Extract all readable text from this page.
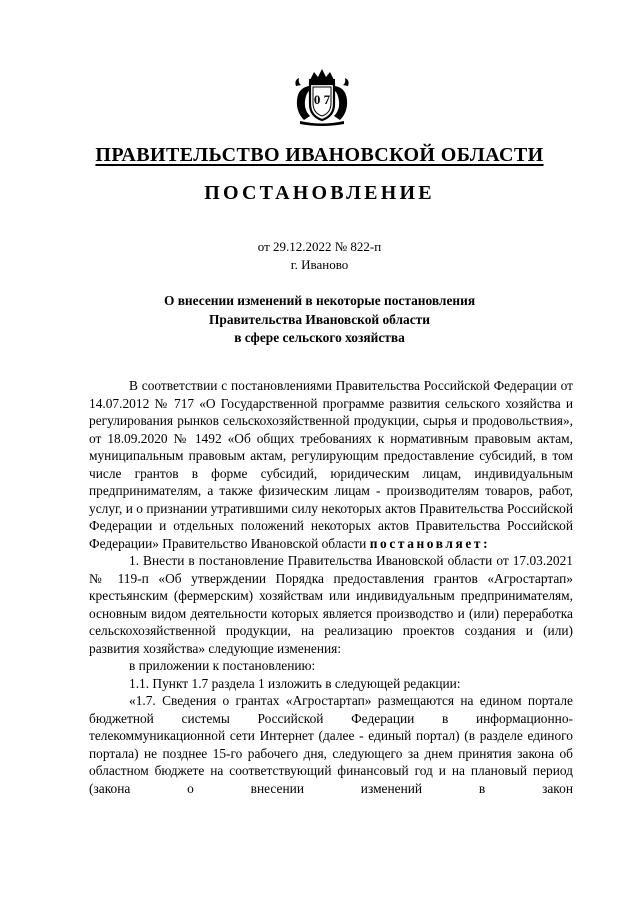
0 7
ПРАВИТЕЛЬСТВО ИВАНОВСКОЙ ОБЛАСТИ
ПОСТАНОВЛЕНИЕ
от 29.12.2022 № 822-п
г. Иваново
О внесении изменений в некоторые постановления
Правительства Ивановской области
в сфере сельского хозяйства

В соответствии с постановлениями Правительства Российской Федерации от 14.07.2012 № 717 «О Государственной программе развития сельского хозяйства и регулирования рынков сельскохозяйственной продукции, сырья и продовольствия», от 18.09.2020 № 1492 «Об общих требованиях к нормативным правовым актам, муниципальным правовым актам, регулирующим предоставление субсидий, в том числе грантов в форме субсидий, юридическим лицам, индивидуальным предпринимателям, а также физическим лицам - производителям товаров, работ, услуг, и о признании утратившими силу некоторых актов Правительства Российской Федерации и отдельных положений некоторых актов Правительства Российской Федерации» Правительство Ивановской области постановляет:

1. Внести в постановление Правительства Ивановской области от 17.03.2021 № 119-п «Об утверждении Порядка предоставления грантов «Агростартап» крестьянским (фермерским) хозяйствам или индивидуальным предпринимателям, основным видом деятельности которых является производство и (или) переработка сельскохозяйственной продукции, на реализацию проектов создания и (или) развития хозяйства» следующие изменения:

в приложении к постановлению:

1.1. Пункт 1.7 раздела 1 изложить в следующей редакции:

«1.7. Сведения о грантах «Агростартап» размещаются на едином портале бюджетной системы Российской Федерации в информационно-телекоммуникационной сети Интернет (далее - единый портал) (в разделе единого портала) не позднее 15-го рабочего дня, следующего за днем принятия закона об областном бюджете на соответствующий финансовый год и на плановый период (закона о внесении изменений в закон
